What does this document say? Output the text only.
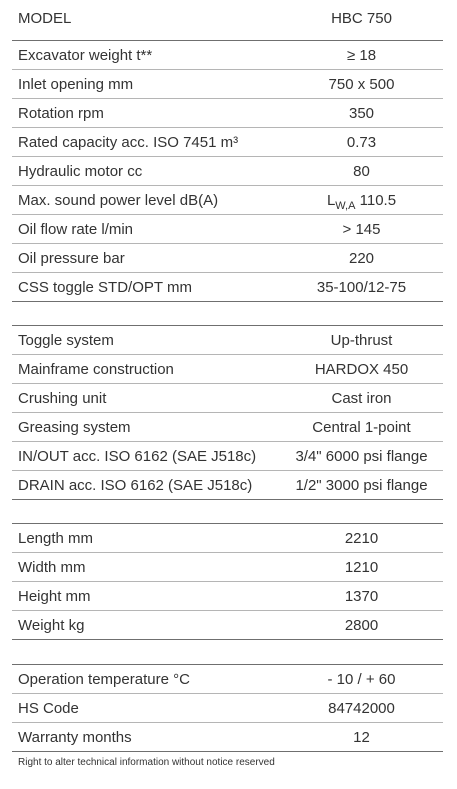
MODEL	HBC 750
Excavator weight t**	≥ 18
Inlet opening mm	750 x 500
Rotation rpm	350
Rated capacity acc. ISO 7451 m³	0.73
Hydraulic motor cc	80
Max. sound power level dB(A)	$L_{W,A}$ 110.5
Oil flow rate l/min	> 145
Oil pressure bar	220
CSS toggle STD/OPT mm	35-100/12-75
Toggle system	Up-thrust
Mainframe construction	HARDOX 450
Crushing unit	Cast iron
Greasing system	Central 1-point
IN/OUT acc. ISO 6162 (SAE J518c)	3/4" 6000 psi flange
DRAIN acc. ISO 6162 (SAE J518c)	1/2" 3000 psi flange
Length mm	2210
Width mm	1210
Height mm	1370
Weight kg	2800
Operation temperature °C	- 10 / + 60
HS Code	84742000
Warranty months	12
Right to alter technical information without notice reserved
